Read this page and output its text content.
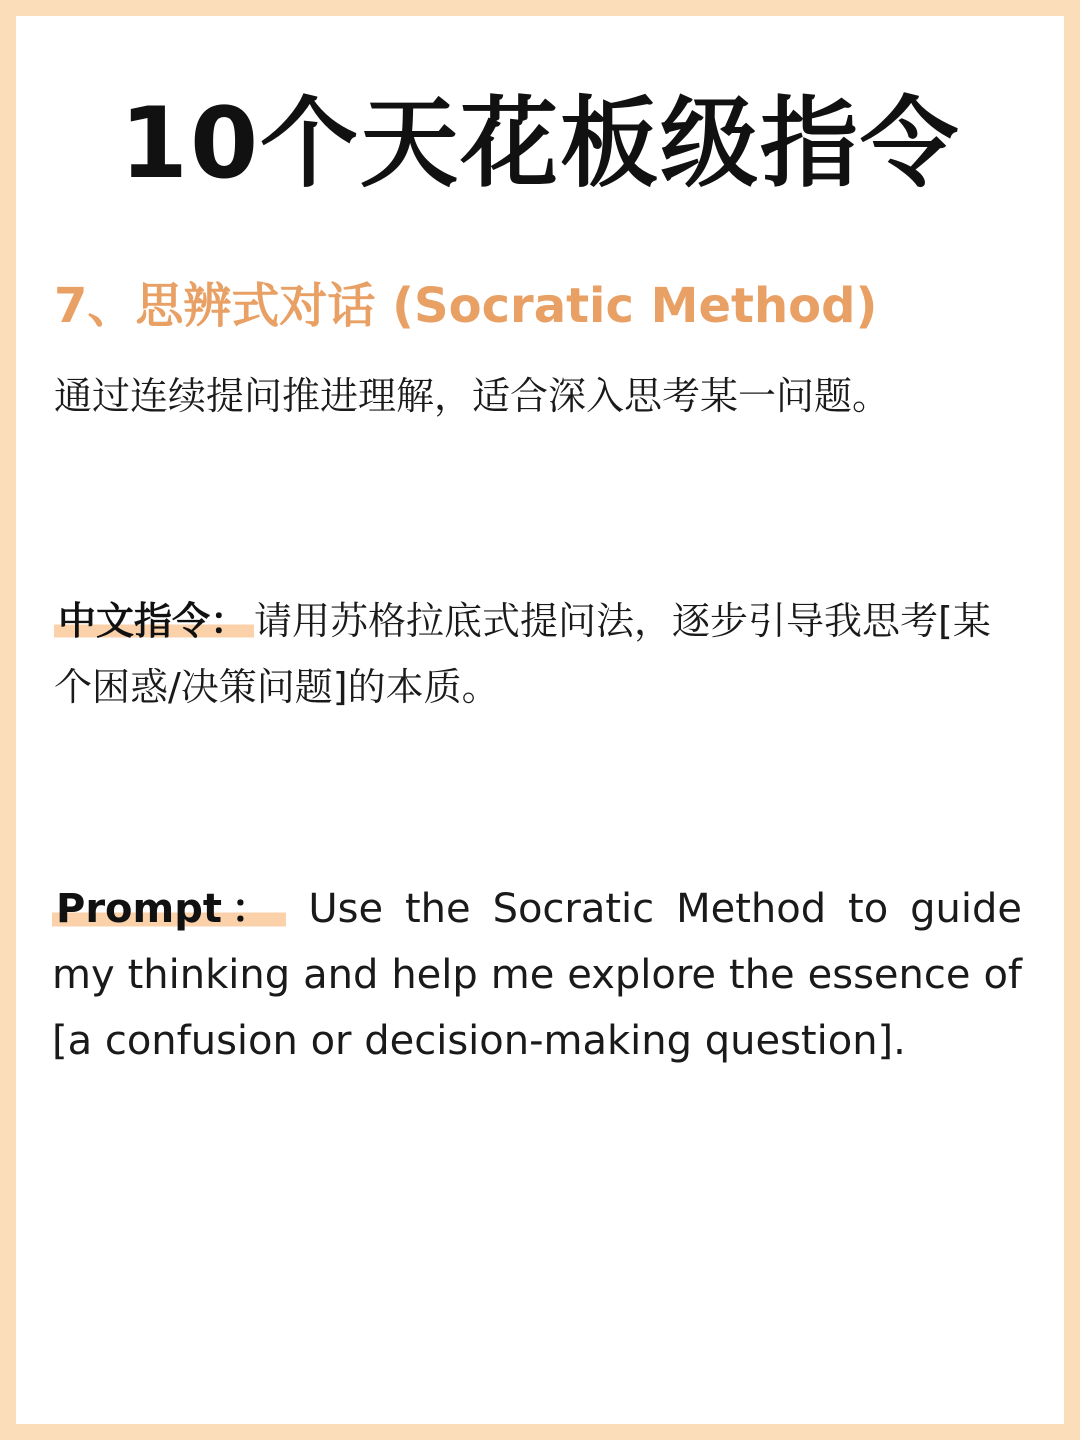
10个天花板级指令
7、思辨式对话 (Socratic Method)

通过连续提问推进理解，适合深入思考某一问题。

中文指令： 请用苏格拉底式提问法，逐步引导我思考[某个困惑/决策问题]的本质。

Prompt： Use the Socratic Method to guide my thinking and help me explore the essence of [a confusion or decision-making question].
